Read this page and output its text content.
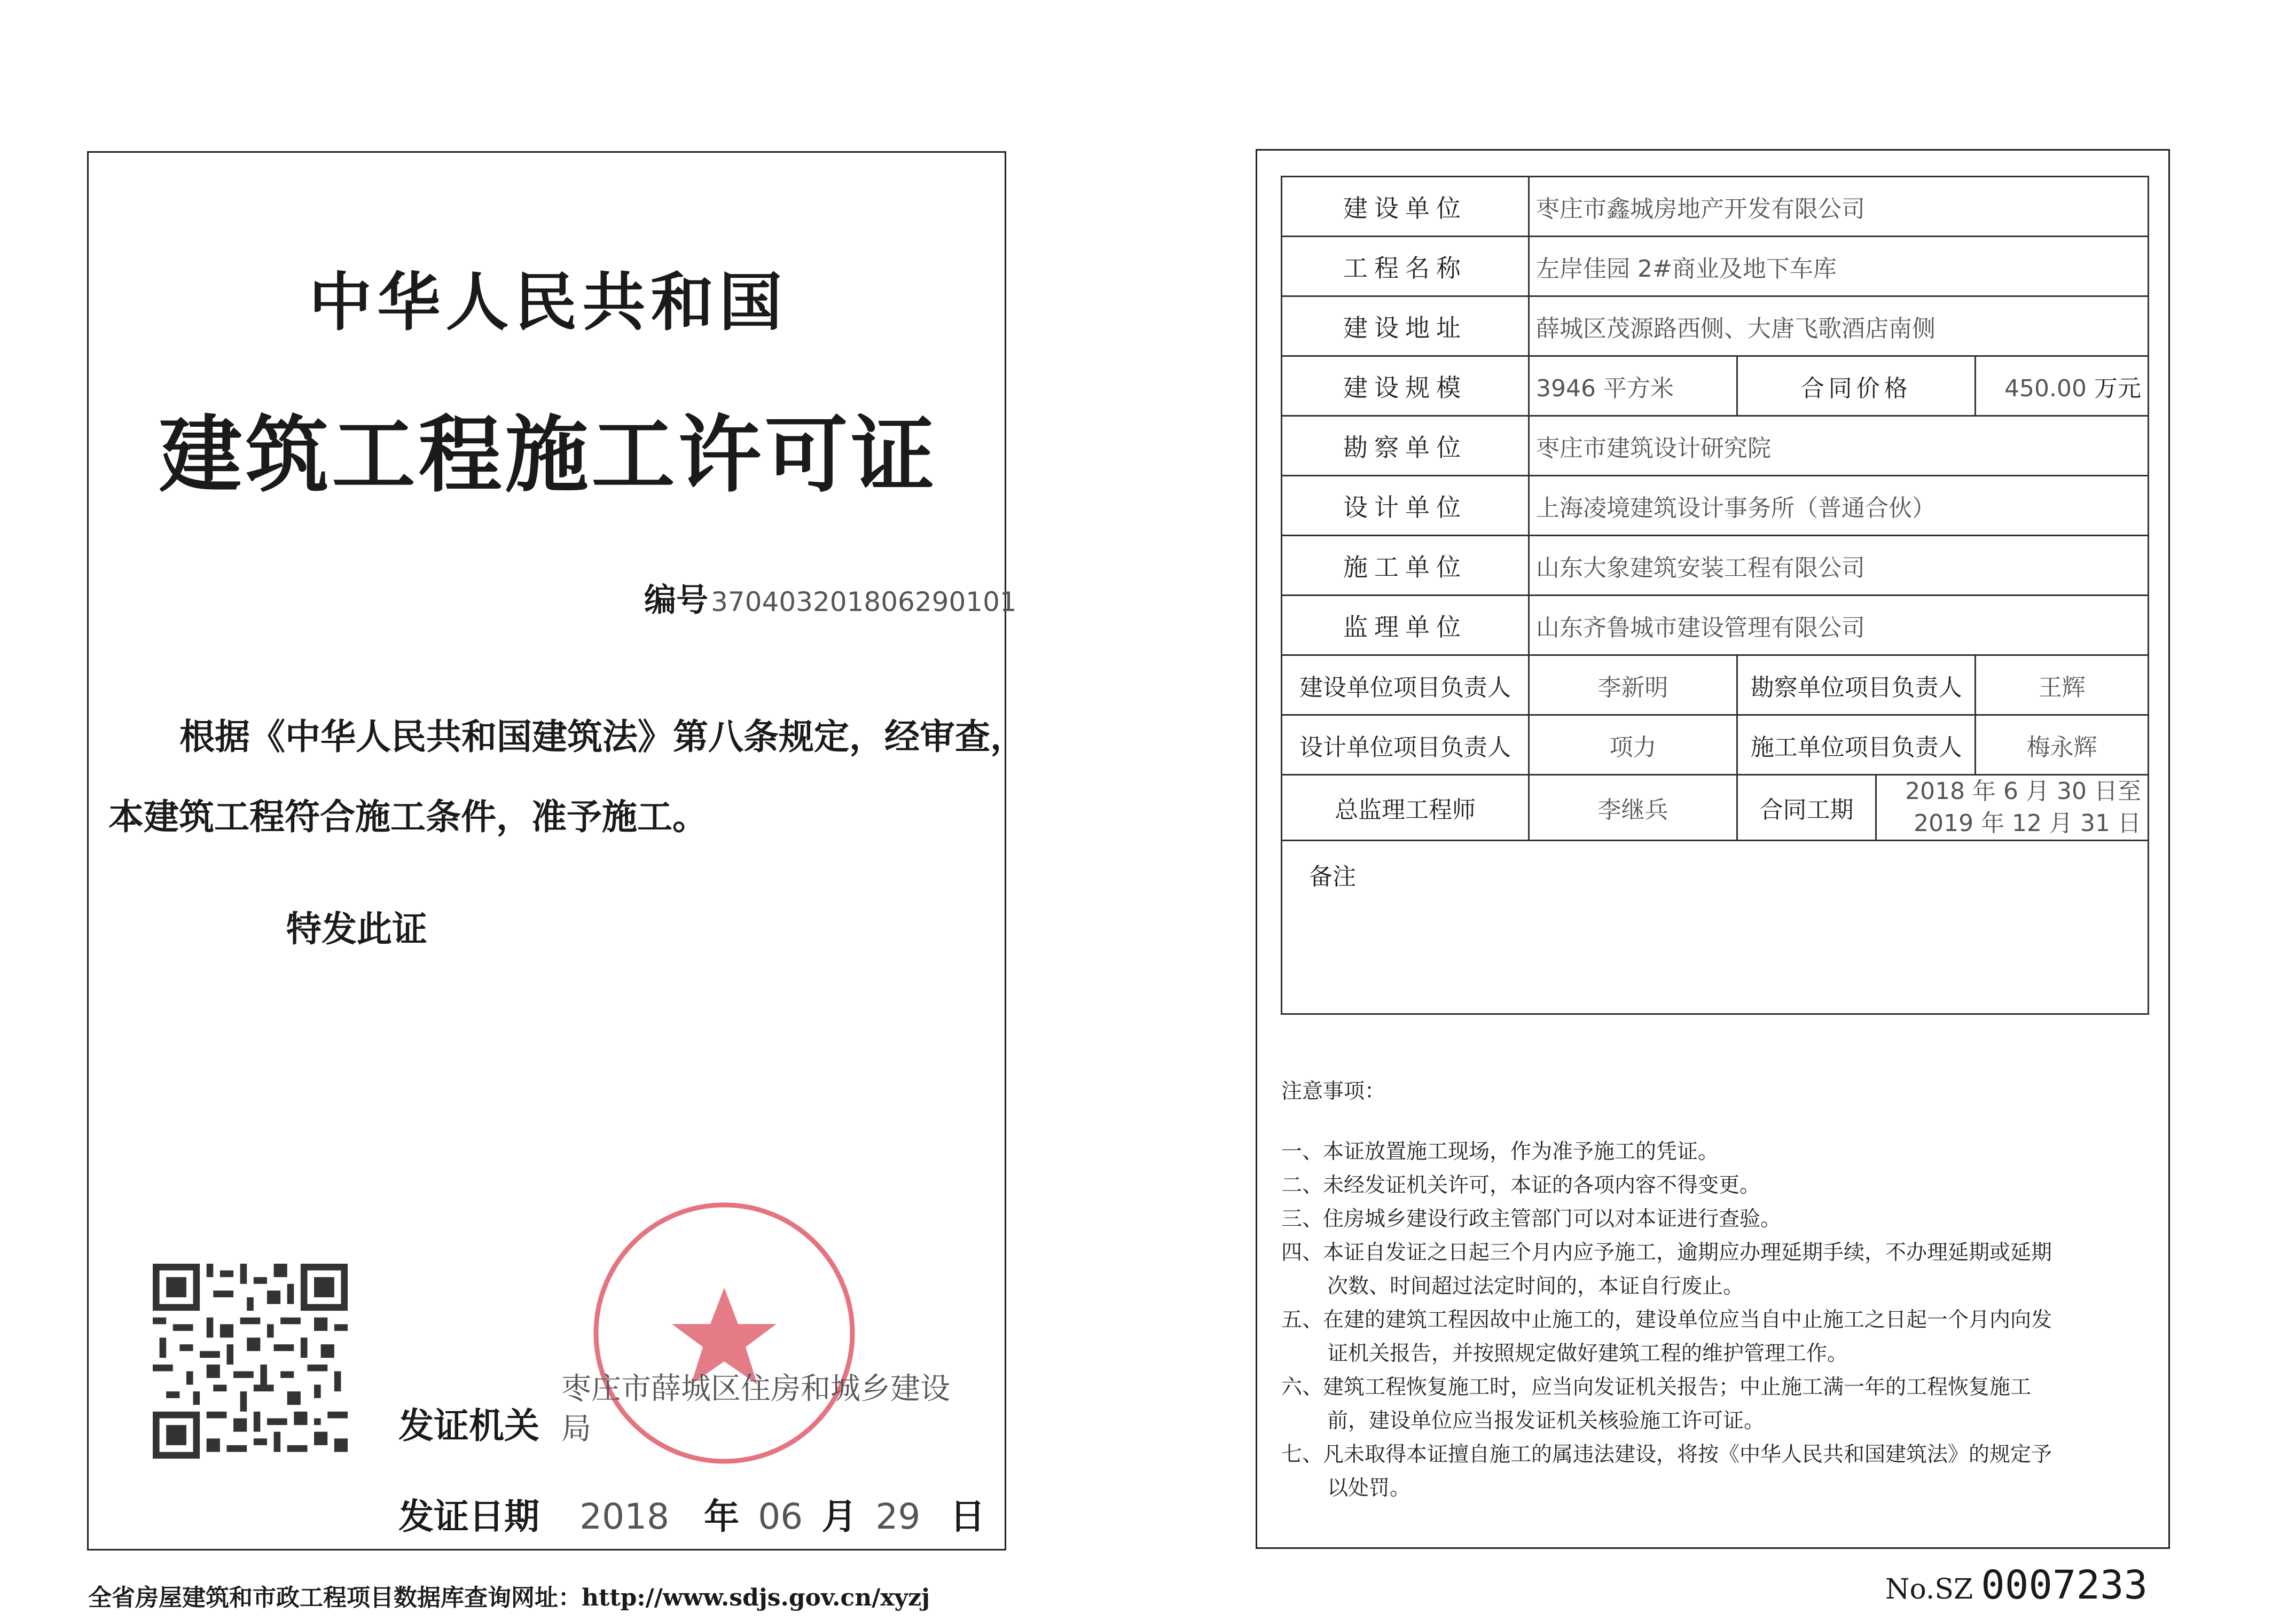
中华人民共和国
建筑工程施工许可证
编号 370403201806290101
根据《中华人民共和国建筑法》第八条规定，经审查，
本建筑工程符合施工条件，准予施工。
特发此证
发证机关
枣庄市薛城区住房和城乡建设
局
发证日期 2018 年 06 月 29 日
建设单位	枣庄市鑫城房地产开发有限公司			
工程名称	左岸佳园 2#商业及地下车库			
建设地址	薛城区茂源路西侧、大唐飞歌酒店南侧			
建设规模	3946 平方米	合同价格		450.00 万元
勘察单位	枣庄市建筑设计研究院			
设计单位	上海凌境建筑设计事务所（普通合伙）			
施工单位	山东大象建筑安装工程有限公司			
监理单位	山东齐鲁城市建设管理有限公司			
建设单位项目负责人	李新明	勘察单位项目负责人		王辉
设计单位项目负责人	项力	施工单位项目负责人		梅永辉
总监理工程师	李继兵	合同工期	2018 年 6 月 30 日至
2019 年 12 月 31 日	

备注				
注意事项：
一、本证放置施工现场，作为准予施工的凭证。
二、未经发证机关许可，本证的各项内容不得变更。
三、住房城乡建设行政主管部门可以对本证进行查验。
四、本证自发证之日起三个月内应予施工，逾期应办理延期手续，不办理延期或延期
次数、时间超过法定时间的，本证自行废止。
五、在建的建筑工程因故中止施工的，建设单位应当自中止施工之日起一个月内向发
证机关报告，并按照规定做好建筑工程的维护管理工作。
六、建筑工程恢复施工时，应当向发证机关报告；中止施工满一年的工程恢复施工
前，建设单位应当报发证机关核验施工许可证。
七、凡未取得本证擅自施工的属违法建设，将按《中华人民共和国建筑法》的规定予
以处罚。
全省房屋建筑和市政工程项目数据库查询网址：http://www.sdjs.gov.cn/xyzj	No.SZ 0007233
